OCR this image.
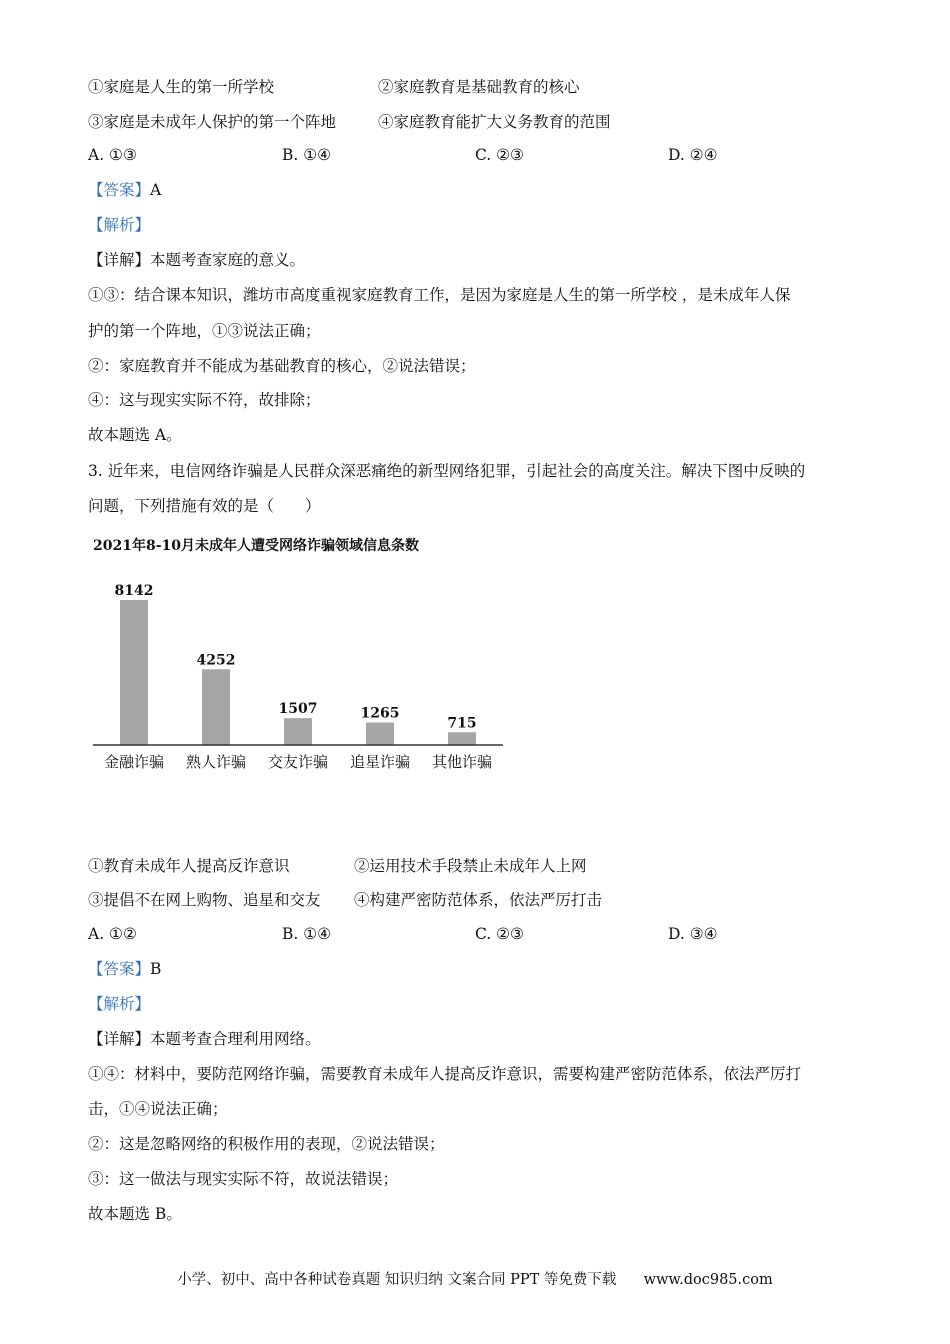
①家庭是人生的第一所学校	②家庭教育是基础教育的核心
③家庭是未成年人保护的第一个阵地	④家庭教育能扩大义务教育的范围
A. ①③	B. ①④	C. ②③	D. ②④
【答案】A
【解析】
【详解】本题考查家庭的意义。
①③：结合课本知识，潍坊市高度重视家庭教育工作，是因为家庭是人生的第一所学校 ，是未成年人保
护的第一个阵地，①③说法正确；
②：家庭教育并不能成为基础教育的核心，②说法错误；
④：这与现实实际不符，故排除；
故本题选 A。
3. 近年来，电信网络诈骗是人民群众深恶痛绝的新型网络犯罪，引起社会的高度关注。解决下图中反映的
问题，下列措施有效的是（　　）
2021年8-10月未成年人遭受网络诈骗领域信息条数
8142
金融诈骗
4252
熟人诈骗
1507
交友诈骗
1265
追星诈骗
715
其他诈骗
①教育未成年人提高反诈意识	②运用技术手段禁止未成年人上网
③提倡不在网上购物、追星和交友 ④构建严密防范体系，依法严厉打击
A. ①②	B. ①④	C. ②③	D. ③④
【答案】B
【解析】
【详解】本题考查合理利用网络。
①④：材料中，要防范网络诈骗，需要教育未成年人提高反诈意识，需要构建严密防范体系，依法严厉打
击，①④说法正确；
②：这是忽略网络的积极作用的表现，②说法错误；
③：这一做法与现实实际不符，故说法错误；
故本题选 B。
小学、初中、高中各种试卷真题 知识归纳 文案合同 PPT 等免费下载 www.doc985.com
